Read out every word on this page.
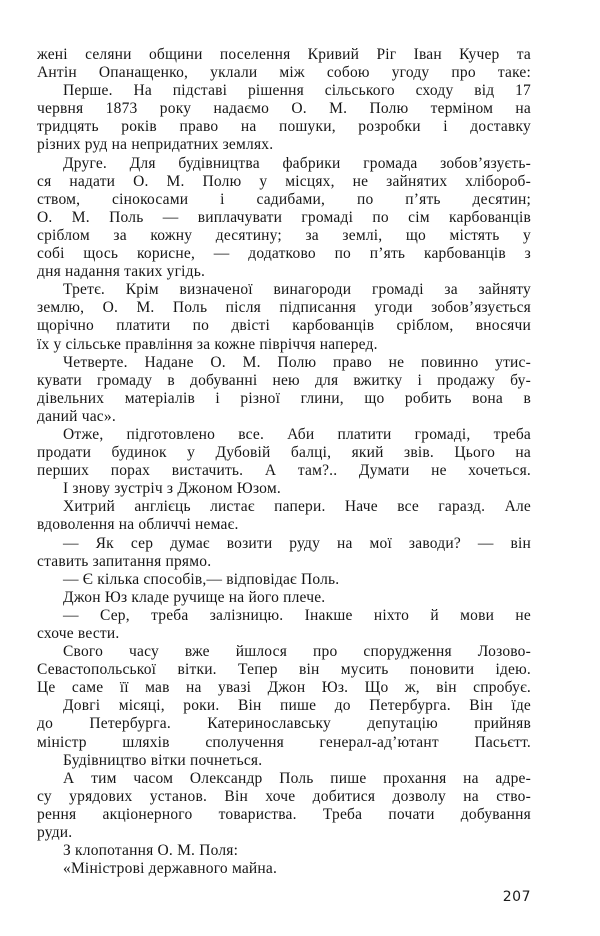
жені селяни общини поселення Кривий Ріг Іван Кучер та
Антін Опанащенко, уклали між собою угоду про таке:
Перше. На підставі рішення сільського сходу від 17
червня 1873 року надаємо О. М. Полю терміном на
тридцять років право на пошуки, розробки і доставку
різних руд на непридатних землях.
Друге. Для будівництва фабрики громада зобов’язуєть-
ся надати О. М. Полю у місцях, не зайнятих хлібороб-
ством, сінокосами і садибами, по п’ять десятин;
О. М. Поль — виплачувати громаді по сім карбованців
сріблом за кожну десятину; за землі, що містять у
собі щось корисне, — додатково по п’ять карбованців з
дня надання таких угідь.
Третє. Крім визначеної винагороди громаді за зайняту
землю, О. М. Поль після підписання угоди зобов’язується
щорічно платити по двісті карбованців сріблом, вносячи
їх у сільське правління за кожне півріччя наперед.
Четверте. Надане О. М. Полю право не повинно утис-
кувати громаду в добуванні нею для вжитку і продажу бу-
дівельних матеріалів і різної глини, що робить вона в
даний час».
Отже, підготовлено все. Аби платити громаді, треба
продати будинок у Дубовій балці, який звів. Цього на
перших порах вистачить. А там?.. Думати не хочеться.
І знову зустріч з Джоном Юзом.
Хитрий англієць листає папери. Наче все гаразд. Але
вдоволення на обличчі немає.
— Як сер думає возити руду на мої заводи? — він
ставить запитання прямо.
— Є кілька способів,— відповідає Поль.
Джон Юз кладе ручище на його плече.
— Сер, треба залізницю. Інакше ніхто й мови не
схоче вести.
Свого часу вже йшлося про спорудження Лозово-
Севастопольської вітки. Тепер він мусить поновити ідею.
Це саме її мав на увазі Джон Юз. Що ж, він спробує.
Довгі місяці, роки. Він пише до Петербурга. Він їде
до Петербурга. Катеринославську депутацію прийняв
міністр шляхів сполучення генерал-ад’ютант Пасьєтт.
Будівництво вітки почнеться.
А тим часом Олександр Поль пише прохання на адре-
су урядових установ. Він хоче добитися дозволу на ство-
рення акціонерного товариства. Треба почати добування
руди.
З клопотання О. М. Поля:
«Міністрові державного майна.
207
